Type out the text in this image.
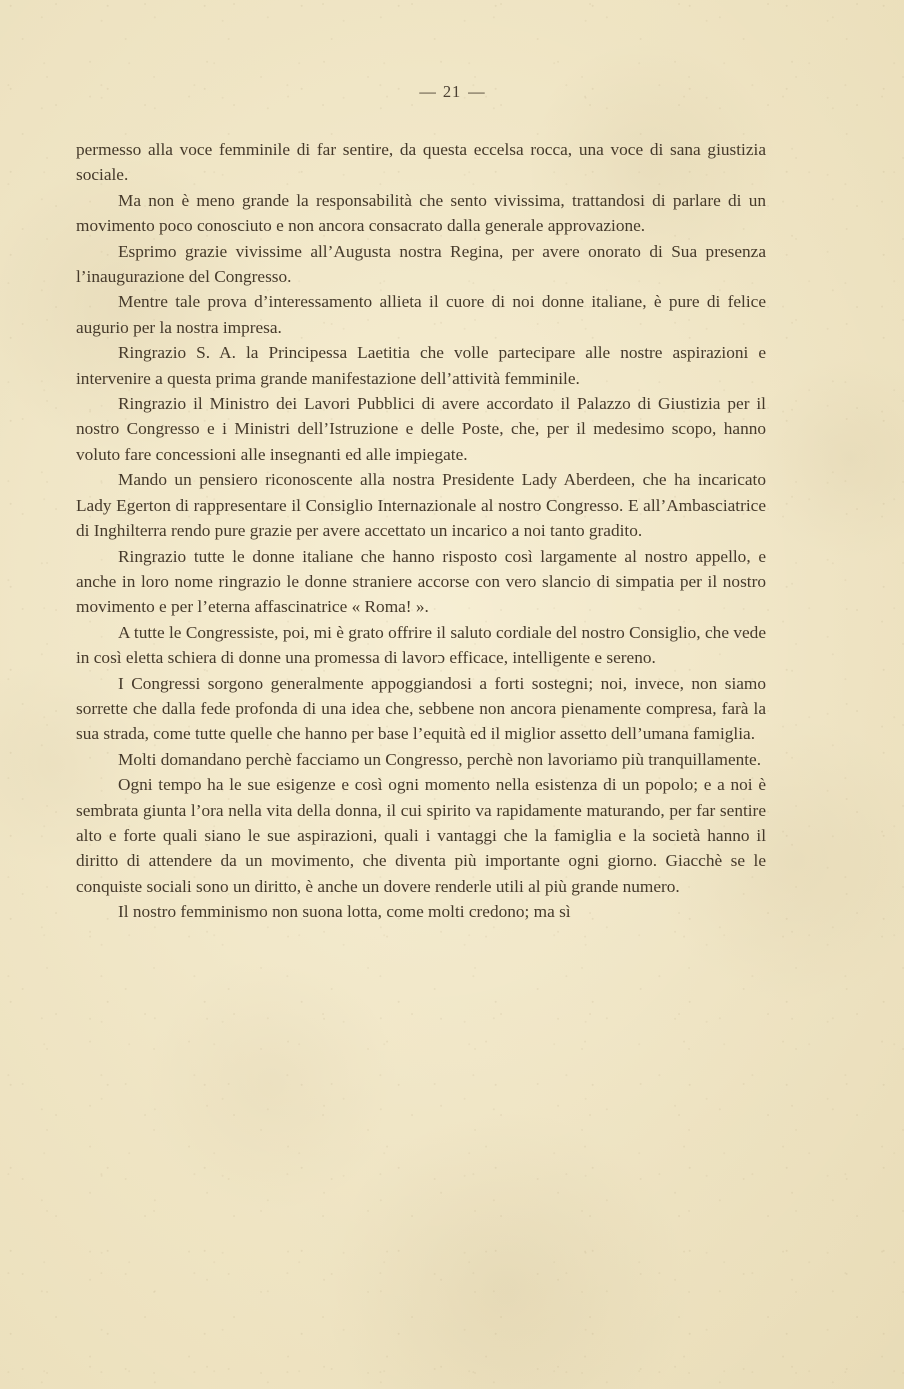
— 21 —

permesso alla voce femminile di far sentire, da questa eccelsa rocca, una voce di sana giustizia sociale.

Ma non è meno grande la responsabilità che sento vivissima, trattandosi di parlare di un movimento poco conosciuto e non ancora consacrato dalla generale approvazione.

Esprimo grazie vivissime all’Augusta nostra Regina, per avere onorato di Sua presenza l’inaugurazione del Congresso.

Mentre tale prova d’interessamento allieta il cuore di noi donne italiane, è pure di felice augurio per la nostra impresa.

Ringrazio S. A. la Principessa Laetitia che volle partecipare alle nostre aspirazioni e intervenire a questa prima grande manifestazione dell’attività femminile.

Ringrazio il Ministro dei Lavori Pubblici di avere accordato il Palazzo di Giustizia per il nostro Congresso e i Ministri dell’Istruzione e delle Poste, che, per il medesimo scopo, hanno voluto fare concessioni alle insegnanti ed alle impiegate.

Mando un pensiero riconoscente alla nostra Presidente Lady Aberdeen, che ha incaricato Lady Egerton di rappresentare il Consiglio Internazionale al nostro Congresso. E all’Ambasciatrice di Inghilterra rendo pure grazie per avere accettato un incarico a noi tanto gradito.

Ringrazio tutte le donne italiane che hanno risposto così largamente al nostro appello, e anche in loro nome ringrazio le donne straniere accorse con vero slancio di simpatia per il nostro movimento e per l’eterna affascinatrice « Roma! ».

A tutte le Congressiste, poi, mi è grato offrire il saluto cordiale del nostro Consiglio, che vede in così eletta schiera di donne una promessa di lavorɔ efficace, intelligente e sereno.

I Congressi sorgono generalmente appoggiandosi a forti sostegni; noi, invece, non siamo sorrette che dalla fede profonda di una idea che, sebbene non ancora pienamente compresa, farà la sua strada, come tutte quelle che hanno per base l’equità ed il miglior assetto dell’umana famiglia.

Molti domandano perchè facciamo un Congresso, perchè non lavoriamo più tranquillamente.

Ogni tempo ha le sue esigenze e così ogni momento nella esistenza di un popolo; e a noi è sembrata giunta l’ora nella vita della donna, il cui spirito va rapidamente maturando, per far sentire alto e forte quali siano le sue aspirazioni, quali i vantaggi che la famiglia e la società hanno il diritto di attendere da un movimento, che diventa più importante ogni giorno. Giacchè se le conquiste sociali sono un diritto, è anche un dovere renderle utili al più grande numero.

Il nostro femminismo non suona lotta, come molti credono; ma sì
